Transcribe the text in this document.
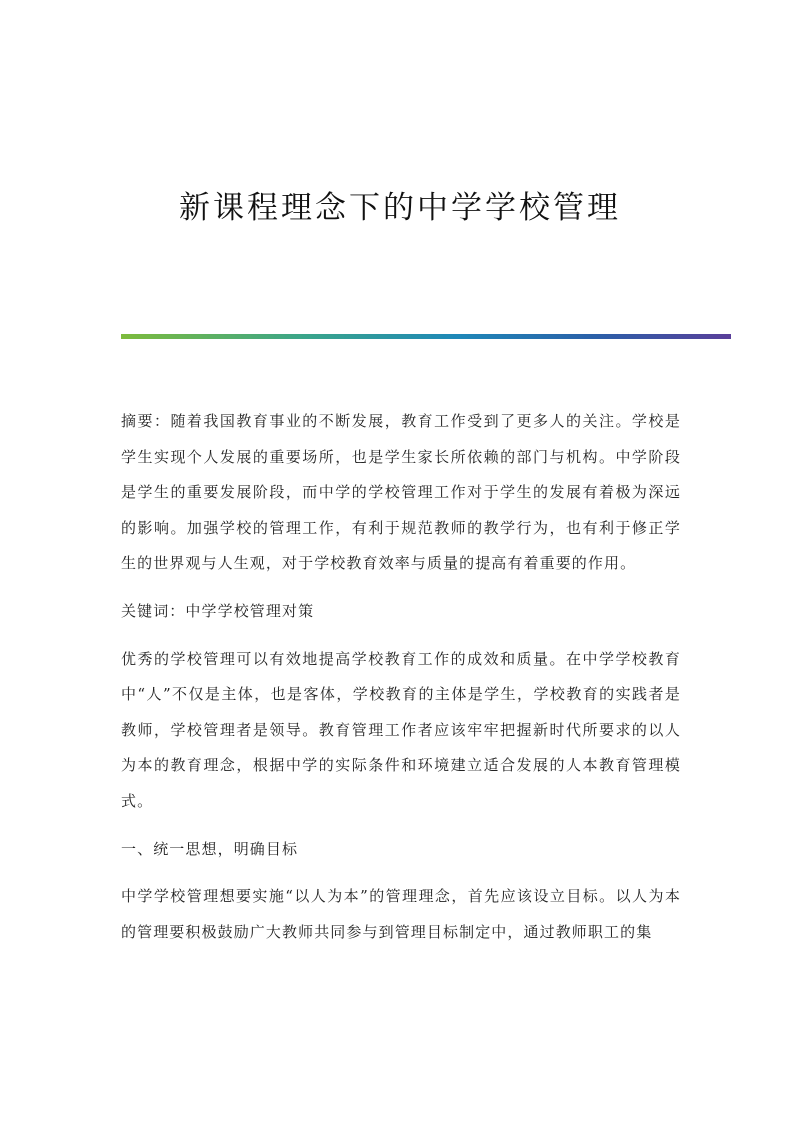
新课程理念下的中学学校管理

摘要：随着我国教育事业的不断发展，教育工作受到了更多人的关注。学校是学生实现个人发展的重要场所，也是学生家长所依赖的部门与机构。中学阶段是学生的重要发展阶段，而中学的学校管理工作对于学生的发展有着极为深远的影响。加强学校的管理工作，有利于规范教师的教学行为，也有利于修正学生的世界观与人生观，对于学校教育效率与质量的提高有着重要的作用。

关键词：中学学校管理对策

优秀的学校管理可以有效地提高学校教育工作的成效和质量。在中学学校教育中“人”不仅是主体，也是客体，学校教育的主体是学生，学校教育的实践者是教师，学校管理者是领导。教育管理工作者应该牢牢把握新时代所要求的以人为本的教育理念，根据中学的实际条件和环境建立适合发展的人本教育管理模式。

一、统一思想，明确目标

中学学校管理想要实施“以人为本”的管理理念，首先应该设立目标。以人为本的管理要积极鼓励广大教师共同参与到管理目标制定中，通过教师职工的集
